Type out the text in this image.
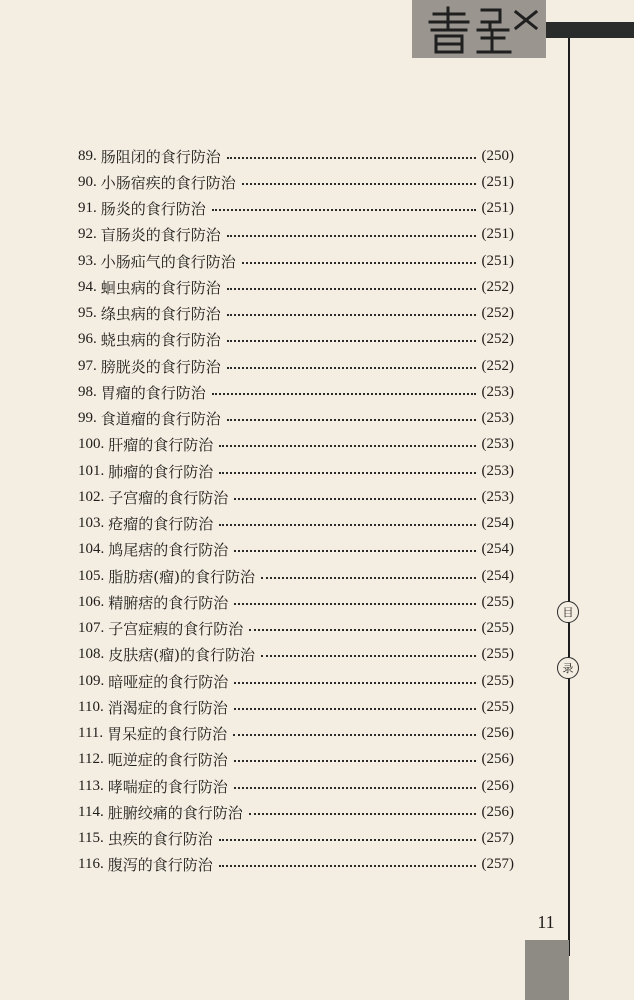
目
录
89. 肠阻闭的食行防治	(250)
90. 小肠宿疾的食行防治	(251)
91. 肠炎的食行防治	(251)
92. 盲肠炎的食行防治	(251)
93. 小肠疝气的食行防治	(251)
94. 蛔虫病的食行防治	(252)
95. 绦虫病的食行防治	(252)
96. 蛲虫病的食行防治	(252)
97. 膀胱炎的食行防治	(252)
98. 胃瘤的食行防治	(253)
99. 食道瘤的食行防治	(253)
100. 肝瘤的食行防治	(253)
101. 肺瘤的食行防治	(253)
102. 子宫瘤的食行防治	(253)
103. 疮瘤的食行防治	(254)
104. 鸠尾痞的食行防治	(254)
105. 脂肪痞(瘤)的食行防治	(254)
106. 精腑痞的食行防治	(255)
107. 子宫症瘕的食行防治	(255)
108. 皮肤痞(瘤)的食行防治	(255)
109. 暗哑症的食行防治	(255)
110. 消渴症的食行防治	(255)
111. 胃呆症的食行防治	(256)
112. 呃逆症的食行防治	(256)
113. 哮喘症的食行防治	(256)
114. 脏腑绞痛的食行防治	(256)
115. 虫疾的食行防治	(257)
116. 腹泻的食行防治	(257)
11
